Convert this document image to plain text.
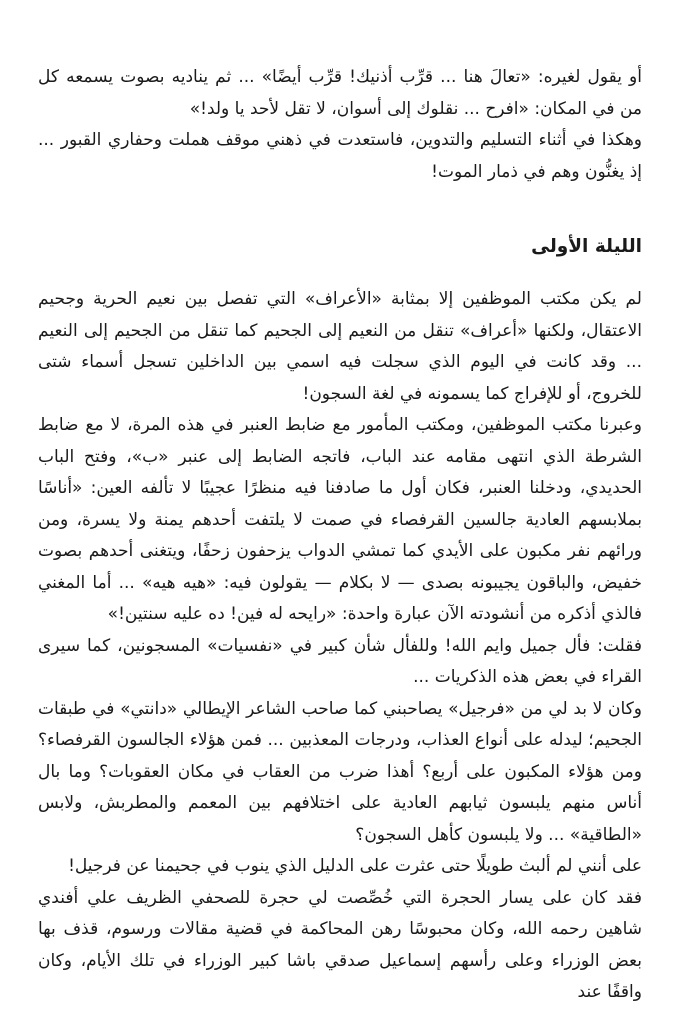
أو يقول لغيره: «تعالَ هنا ... قرِّب أذنيك! قرِّب أيضًا» ... ثم يناديه بصوت يسمعه كل من في المكان: «افرح ... نقلوك إلى أسوان، لا تقل لأحد يا ولد!»

وهكذا في أثناء التسليم والتدوين، فاستعدت في ذهني موقف هملت وحفاري القبور ... إذ يغنُّون وهم في ذمار الموت!

الليلة الأولى

لم يكن مكتب الموظفين إلا بمثابة «الأعراف» التي تفصل بين نعيم الحرية وجحيم الاعتقال، ولكنها «أعراف» تنقل من النعيم إلى الجحيم كما تنقل من الجحيم إلى النعيم ... وقد كانت في اليوم الذي سجلت فيه اسمي بين الداخلين تسجل أسماء شتى للخروج، أو للإفراج كما يسمونه في لغة السجون!

وعبرنا مكتب الموظفين، ومكتب المأمور مع ضابط العنبر في هذه المرة، لا مع ضابط الشرطة الذي انتهى مقامه عند الباب، فاتجه الضابط إلى عنبر «ب»، وفتح الباب الحديدي، ودخلنا العنبر، فكان أول ما صادفنا فيه منظرًا عجيبًا لا تألفه العين: «أناسًا بملابسهم العادية جالسين القرفصاء في صمت لا يلتفت أحدهم يمنة ولا يسرة، ومن ورائهم نفر مكبون على الأيدي كما تمشي الدواب يزحفون زحفًا، ويتغنى أحدهم بصوت خفيض، والباقون يجيبونه بصدى — لا بكلام — يقولون فيه: «هيه هيه» ... أما المغني فالذي أذكره من أنشودته الآن عبارة واحدة: «رايحه له فين! ده عليه سنتين!»

فقلت: فأل جميل وايم الله! وللفأل شأن كبير في «نفسيات» المسجونين، كما سيرى القراء في بعض هذه الذكريات ...

وكان لا بد لي من «فرجيل» يصاحبني كما صاحب الشاعر الإيطالي «دانتي» في طبقات الجحيم؛ ليدله على أنواع العذاب، ودرجات المعذبين ... فمن هؤلاء الجالسون القرفصاء؟ ومن هؤلاء المكبون على أربع؟ أهذا ضرب من العقاب في مكان العقوبات؟ وما بال أناس منهم يلبسون ثيابهم العادية على اختلافهم بين المعمم والمطربش، ولابس «الطاقية» ... ولا يلبسون كأهل السجون؟

على أنني لم ألبث طويلًا حتى عثرت على الدليل الذي ينوب في جحيمنا عن فرجيل!

فقد كان على يسار الحجرة التي خُصِّصت لي حجرة للصحفي الظريف علي أفندي شاهين رحمه الله، وكان محبوسًا رهن المحاكمة في قضية مقالات ورسوم، قذف بها بعض الوزراء وعلى رأسهم إسماعيل صدقي باشا كبير الوزراء في تلك الأيام، وكان واقفًا عند
